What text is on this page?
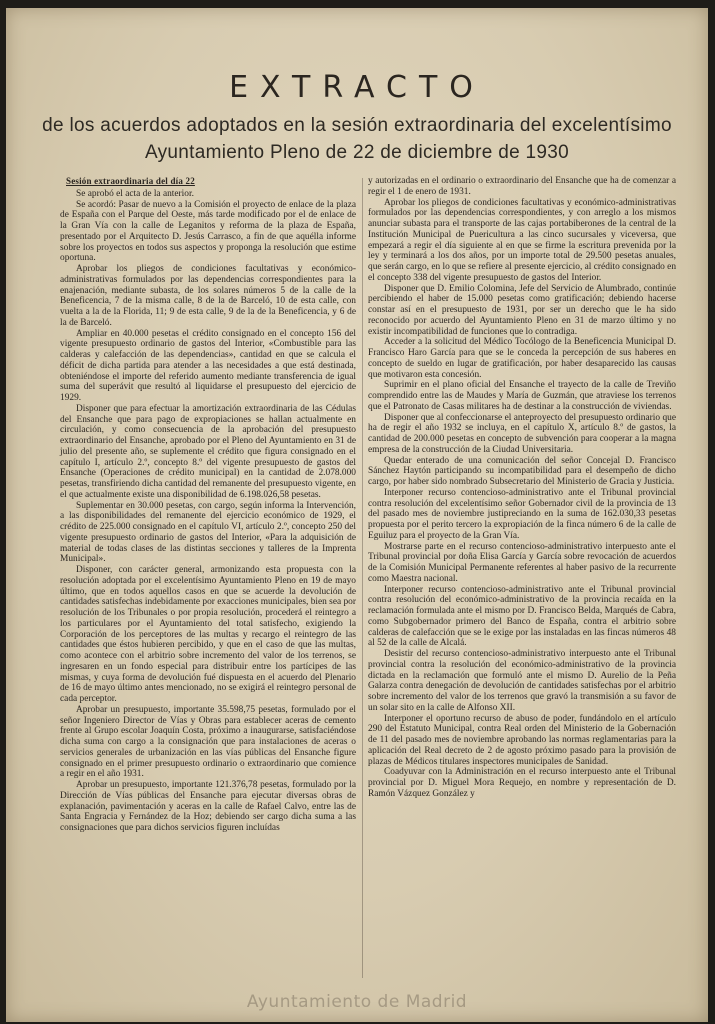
EXTRACTO

de los acuerdos adoptados en la sesión extraordinaria del excelentísimo

Ayuntamiento Pleno de 22 de diciembre de 1930

Sesión extraordinaria del día 22

Se aprobó el acta de la anterior.

Se acordó: Pasar de nuevo a la Comisión el proyecto de enlace de la plaza de España con el Parque del Oeste, más tarde modificado por el de enlace de la Gran Vía con la calle de Leganitos y reforma de la plaza de España, presentado por el Arquitecto D. Jesús Carrasco, a fin de que aquélla informe sobre los proyectos en todos sus aspectos y proponga la resolución que estime oportuna.

Aprobar los pliegos de condiciones facultativas y económico-administrativas formulados por las dependencias correspondientes para la enajenación, mediante subasta, de los solares números 5 de la calle de la Beneficencia, 7 de la misma calle, 8 de la de Barceló, 10 de esta calle, con vuelta a la de la Florida, 11; 9 de esta calle, 9 de la de la Beneficencia, y 6 de la de Barceló.

Ampliar en 40.000 pesetas el crédito consignado en el concepto 156 del vigente presupuesto ordinario de gastos del Interior, «Combustible para las calderas y calefacción de las dependencias», cantidad en que se calcula el déficit de dicha partida para atender a las necesidades a que está destinada, obteniéndose el importe del referido aumento mediante transferencia de igual suma del superávit que resultó al liquidarse el presupuesto del ejercicio de 1929.

Disponer que para efectuar la amortización extraordinaria de las Cédulas del Ensanche que para pago de expropiaciones se hallan actualmente en circulación, y como consecuencia de la aprobación del presupuesto extraordinario del Ensanche, aprobado por el Pleno del Ayuntamiento en 31 de julio del presente año, se suplemente el crédito que figura consignado en el capítulo I, artículo 2.º, concepto 8.º del vigente presupuesto de gastos del Ensanche (Operaciones de crédito municipal) en la cantidad de 2.078.000 pesetas, transfiriendo dicha cantidad del remanente del presupuesto vigente, en el que actualmente existe una disponibilidad de 6.198.026,58 pesetas.

Suplementar en 30.000 pesetas, con cargo, según informa la Intervención, a las disponibilidades del remanente del ejercicio económico de 1929, el crédito de 225.000 consignado en el capítulo VI, artículo 2.º, concepto 250 del vigente presupuesto ordinario de gastos del Interior, «Para la adquisición de material de todas clases de las distintas secciones y talleres de la Imprenta Municipal».

Disponer, con carácter general, armonizando esta propuesta con la resolución adoptada por el excelentísimo Ayuntamiento Pleno en 19 de mayo último, que en todos aquellos casos en que se acuerde la devolución de cantidades satisfechas indebidamente por exacciones municipales, bien sea por resolución de los Tribunales o por propia resolución, procederá el reintegro a los particulares por el Ayuntamiento del total satisfecho, exigiendo la Corporación de los perceptores de las multas y recargo el reintegro de las cantidades que éstos hubieren percibido, y que en el caso de que las multas, como acontece con el arbitrio sobre incremento del valor de los terrenos, se ingresaren en un fondo especial para distribuir entre los partícipes de las mismas, y cuya forma de devolución fué dispuesta en el acuerdo del Plenario de 16 de mayo último antes mencionado, no se exigirá el reintegro personal de cada perceptor.

Aprobar un presupuesto, importante 35.598,75 pesetas, formulado por el señor Ingeniero Director de Vías y Obras para establecer aceras de cemento frente al Grupo escolar Joaquín Costa, próximo a inaugurarse, satisfaciéndose dicha suma con cargo a la consignación que para instalaciones de aceras o servicios generales de urbanización en las vías públicas del Ensanche figure consignado en el primer presupuesto ordinario o extraordinario que comience a regir en el año 1931.

Aprobar un presupuesto, importante 121.376,78 pesetas, formulado por la Dirección de Vías públicas del Ensanche para ejecutar diversas obras de explanación, pavimentación y aceras en la calle de Rafael Calvo, entre las de Santa Engracia y Fernández de la Hoz; debiendo ser cargo dicha suma a las consignaciones que para dichos servicios figuren incluídas

y autorizadas en el ordinario o extraordinario del Ensanche que ha de comenzar a regir el 1 de enero de 1931.

Aprobar los pliegos de condiciones facultativas y económico-administrativas formulados por las dependencias correspondientes, y con arreglo a los mismos anunciar subasta para el transporte de las cajas portabiberones de la central de la Institución Municipal de Puericultura a las cinco sucursales y viceversa, que empezará a regir el día siguiente al en que se firme la escritura prevenida por la ley y terminará a los dos años, por un importe total de 29.500 pesetas anuales, que serán cargo, en lo que se refiere al presente ejercicio, al crédito consignado en el concepto 338 del vigente presupuesto de gastos del Interior.

Disponer que D. Emilio Colomina, Jefe del Servicio de Alumbrado, continúe percibiendo el haber de 15.000 pesetas como gratificación; debiendo hacerse constar así en el presupuesto de 1931, por ser un derecho que le ha sido reconocido por acuerdo del Ayuntamiento Pleno en 31 de marzo último y no existir incompatibilidad de funciones que lo contradiga.

Acceder a la solicitud del Médico Tocólogo de la Beneficencia Municipal D. Francisco Haro García para que se le conceda la percepción de sus haberes en concepto de sueldo en lugar de gratificación, por haber desaparecido las causas que motivaron esta concesión.

Suprimir en el plano oficial del Ensanche el trayecto de la calle de Treviño comprendido entre las de Maudes y María de Guzmán, que atraviese los terrenos que el Patronato de Casas militares ha de destinar a la construcción de viviendas.

Disponer que al confeccionarse el anteproyecto del presupuesto ordinario que ha de regir el año 1932 se incluya, en el capítulo X, artículo 8.º de gastos, la cantidad de 200.000 pesetas en concepto de subvención para cooperar a la magna empresa de la construcción de la Ciudad Universitaria.

Quedar enterado de una comunicación del señor Concejal D. Francisco Sánchez Haytón participando su incompatibilidad para el desempeño de dicho cargo, por haber sido nombrado Subsecretario del Ministerio de Gracia y Justicia.

Interponer recurso contencioso-administrativo ante el Tribunal provincial contra resolución del excelentísimo señor Gobernador civil de la provincia de 13 del pasado mes de noviembre justipreciando en la suma de 162.030,33 pesetas propuesta por el perito tercero la expropiación de la finca número 6 de la calle de Eguiluz para el proyecto de la Gran Vía.

Mostrarse parte en el recurso contencioso-administrativo interpuesto ante el Tribunal provincial por doña Elisa García y García sobre revocación de acuerdos de la Comisión Municipal Permanente referentes al haber pasivo de la recurrente como Maestra nacional.

Interponer recurso contencioso-administrativo ante el Tribunal provincial contra resolución del económico-administrativo de la provincia recaída en la reclamación formulada ante el mismo por D. Francisco Belda, Marqués de Cabra, como Subgobernador primero del Banco de España, contra el arbitrio sobre calderas de calefacción que se le exige por las instaladas en las fincas números 48 al 52 de la calle de Alcalá.

Desistir del recurso contencioso-administrativo interpuesto ante el Tribunal provincial contra la resolución del económico-administrativo de la provincia dictada en la reclamación que formuló ante el mismo D. Aurelio de la Peña Galarza contra denegación de devolución de cantidades satisfechas por el arbitrio sobre incremento del valor de los terrenos que gravó la transmisión a su favor de un solar sito en la calle de Alfonso XII.

Interponer el oportuno recurso de abuso de poder, fundándolo en el artículo 290 del Estatuto Municipal, contra Real orden del Ministerio de la Gobernación de 11 del pasado mes de noviembre aprobando las normas reglamentarias para la aplicación del Real decreto de 2 de agosto próximo pasado para la provisión de plazas de Médicos titulares inspectores municipales de Sanidad.

Coadyuvar con la Administración en el recurso interpuesto ante el Tribunal provincial por D. Miguel Mora Requejo, en nombre y representación de D. Ramón Vázquez González y

Ayuntamiento de Madrid
